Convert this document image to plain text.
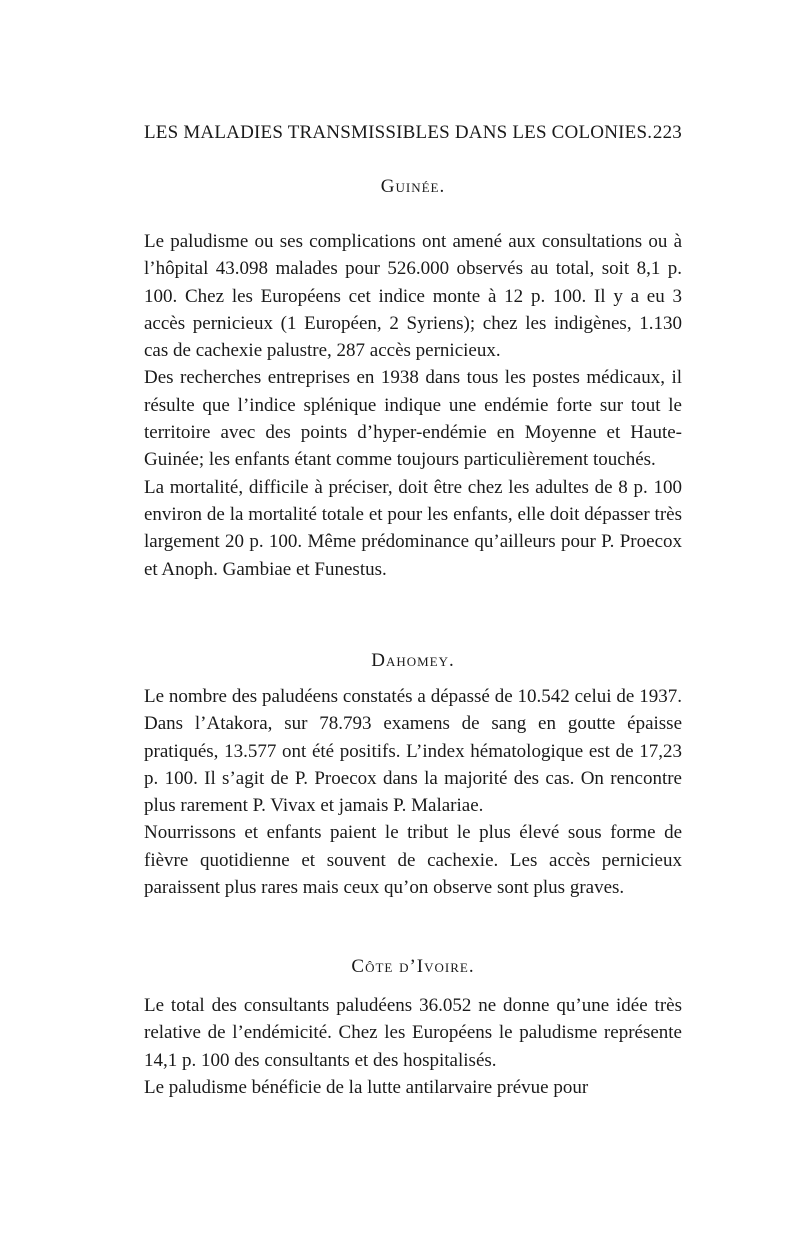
LES MALADIES TRANSMISSIBLES DANS LES COLONIES. 223
Guinée.

Le paludisme ou ses complications ont amené aux consultations ou à l’hôpital 43.098 malades pour 526.000 observés au total, soit 8,1 p. 100. Chez les Européens cet indice monte à 12 p. 100. Il y a eu 3 accès pernicieux (1 Européen, 2 Syriens); chez les indigènes, 1.130 cas de cachexie palustre, 287 accès pernicieux.

Des recherches entreprises en 1938 dans tous les postes médicaux, il résulte que l’indice splénique indique une endémie forte sur tout le territoire avec des points d’hyper-endémie en Moyenne et Haute-Guinée; les enfants étant comme toujours particulièrement touchés.

La mortalité, difficile à préciser, doit être chez les adultes de 8 p. 100 environ de la mortalité totale et pour les enfants, elle doit dépasser très largement 20 p. 100. Même prédominance qu’ailleurs pour P. Proecox et Anoph. Gambiae et Funestus.

Dahomey.

Le nombre des paludéens constatés a dépassé de 10.542 celui de 1937. Dans l’Atakora, sur 78.793 examens de sang en goutte épaisse pratiqués, 13.577 ont été positifs. L’index hématologique est de 17,23 p. 100. Il s’agit de P. Proecox dans la majorité des cas. On rencontre plus rarement P. Vivax et jamais P. Malariae.

Nourrissons et enfants paient le tribut le plus élevé sous forme de fièvre quotidienne et souvent de cachexie. Les accès pernicieux paraissent plus rares mais ceux qu’on observe sont plus graves.

Côte d’Ivoire.

Le total des consultants paludéens 36.052 ne donne qu’une idée très relative de l’endémicité. Chez les Européens le paludisme représente 14,1 p. 100 des consultants et des hospitalisés.

Le paludisme bénéficie de la lutte antilarvaire prévue pour
